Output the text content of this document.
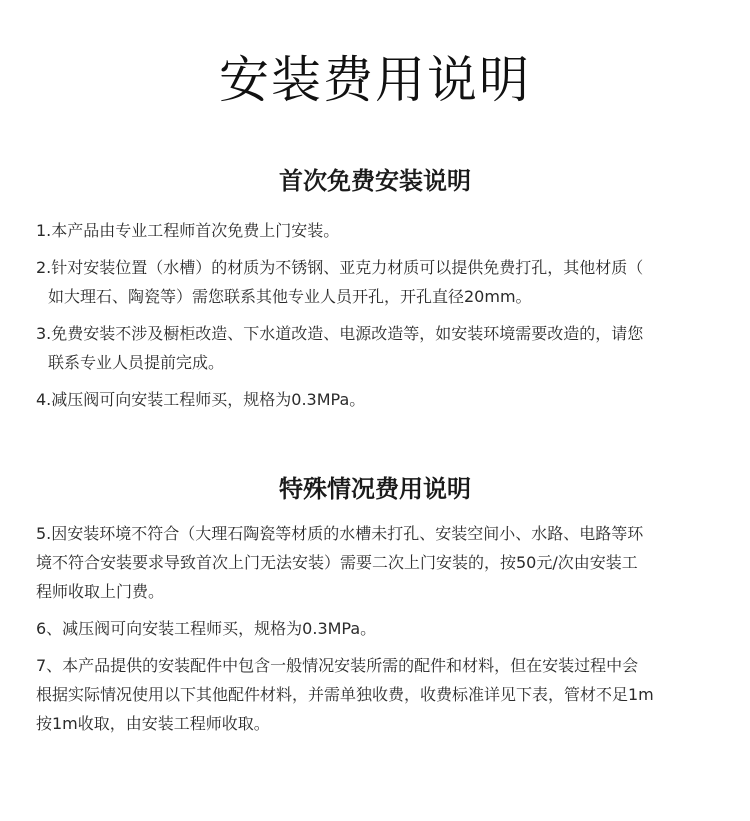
安装费用说明
首次免费安装说明
1.本产品由专业工程师首次免费上门安装。
2.针对安装位置（水槽）的材质为不锈钢、亚克力材质可以提供免费打孔，其他材质（
如大理石、陶瓷等）需您联系其他专业人员开孔，开孔直径20mm。
3.免费安装不涉及橱柜改造、下水道改造、电源改造等，如安装环境需要改造的，请您
联系专业人员提前完成。
4.减压阀可向安装工程师买，规格为0.3MPa。
特殊情况费用说明
5.因安装环境不符合（大理石陶瓷等材质的水槽未打孔、安装空间小、水路、电路等环
境不符合安装要求导致首次上门无法安装）需要二次上门安装的，按50元/次由安装工
程师收取上门费。
6、减压阀可向安装工程师买，规格为0.3MPa。
7、本产品提供的安装配件中包含一般情况安装所需的配件和材料，但在安装过程中会
根据实际情况使用以下其他配件材料，并需单独收费，收费标准详见下表，管材不足1m
按1m收取，由安装工程师收取。
